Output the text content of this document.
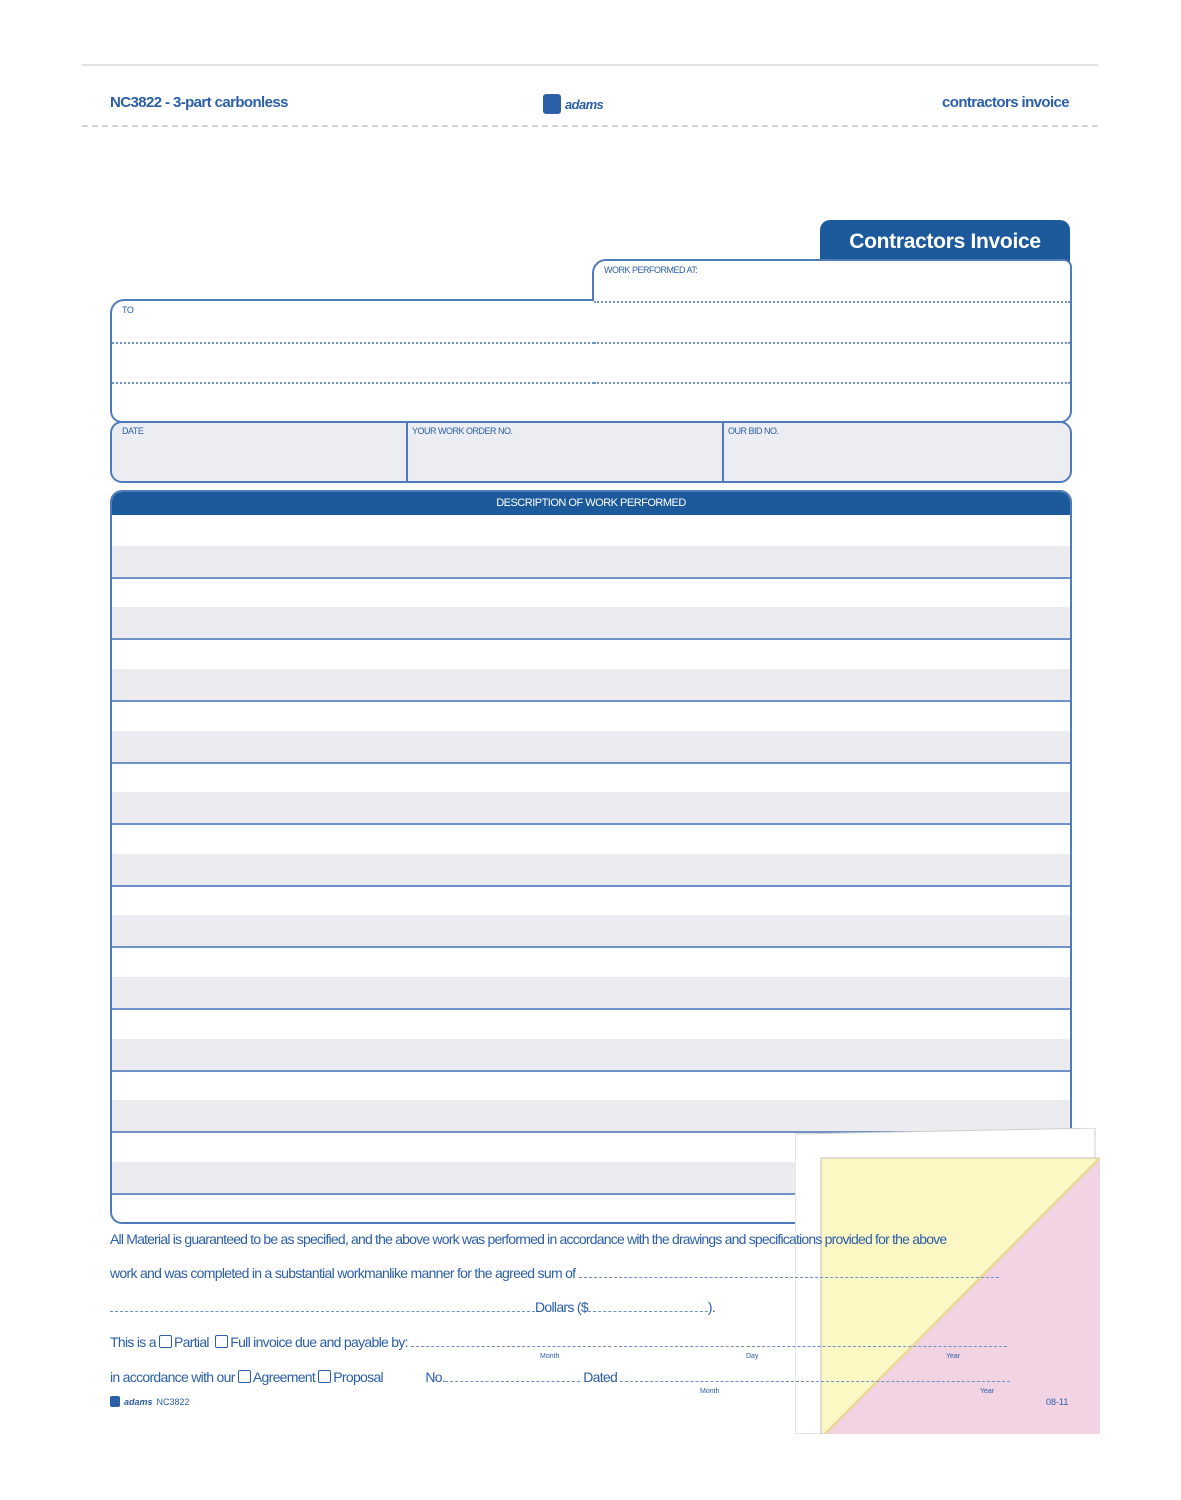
NC3822 - 3-part carbonless	adams	contractors invoice
Contractors Invoice
WORK PERFORMED AT:
TO
DATE	YOUR WORK ORDER NO.	OUR BID NO.
DESCRIPTION OF WORK PERFORMED
All Material is guaranteed to be as specified, and the above work was performed in accordance with the drawings and specifications provided for the above
work and was completed in a substantial workmanlike manner for the agreed sum of
Dollars ($	).
This is a Partial Full invoice due and payable by:
Month	Day	Year
in accordance with our Agreement Proposal	No.	Dated
Month	Year
adams NC3822	08-11
